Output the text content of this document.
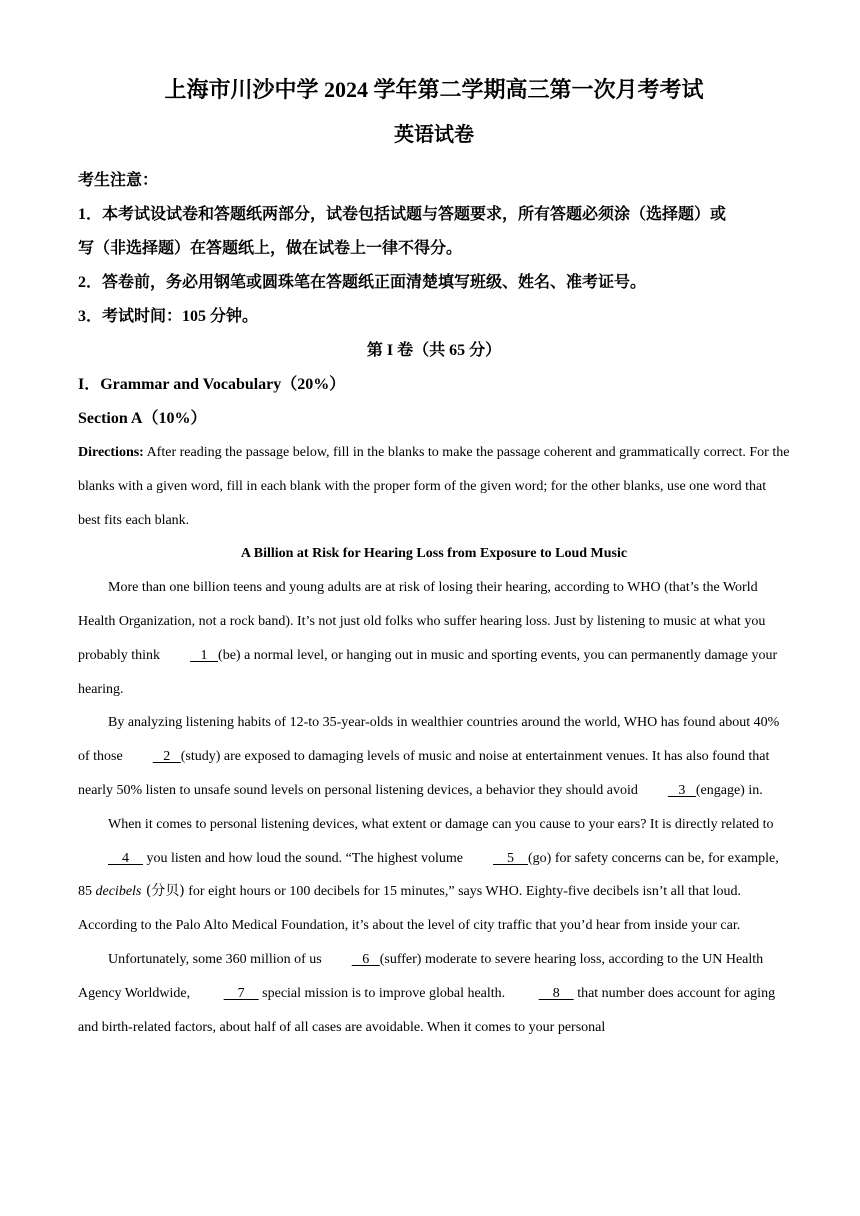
上海市川沙中学 2024 学年第二学期高三第一次月考考试
英语试卷
考生注意：
1．本考试设试卷和答题纸两部分，试卷包括试题与答题要求，所有答题必须涂（选择题）或
写（非选择题）在答题纸上，做在试卷上一律不得分。
2．答卷前，务必用钢笔或圆珠笔在答题纸正面清楚填写班级、姓名、准考证号。
3．考试时间：105 分钟。
第 I 卷（共 65 分）
I．Grammar and Vocabulary（20%）
Section A（10%）
Directions: After reading the passage below, fill in the blanks to make the passage coherent and grammatically correct. For the blanks with a given word, fill in each blank with the proper form of the given word; for the other blanks, use one word that best fits each blank.
A Billion at Risk for Hearing Loss from Exposure to Loud Music

More than one billion teens and young adults are at risk of losing their hearing, according to WHO (that’s the World Health Organization, not a rock band). It’s not just old folks who suffer hearing loss. Just by listening to music at what you probably think   1   (be) a normal level, or hanging out in music and sporting events, you can permanently damage your hearing.

By analyzing listening habits of 12-to 35-year-olds in wealthier countries around the world, WHO has found about 40% of those   2   (study) are exposed to damaging levels of music and noise at entertainment venues. It has also found that nearly 50% listen to unsafe sound levels on personal listening devices, a behavior they should avoid   3   (engage) in.

When it comes to personal listening devices, what extent or damage can you cause to your ears? It is directly related to     4     you listen and how loud the sound. “The highest volume    5    (go) for safety concerns can be, for example, 85 decibels (分贝) for eight hours or 100 decibels for 15 minutes,” says WHO. Eighty-five decibels isn’t all that loud. According to the Palo Alto Medical Foundation, it’s about the level of city traffic that you’d hear from inside your car.

Unfortunately, some 360 million of us   6   (suffer) moderate to severe hearing loss, according to the UN Health Agency Worldwide,     7     special mission is to improve global health.     8     that number does account for aging and birth-related factors, about half of all cases are avoidable. When it comes to your personal
